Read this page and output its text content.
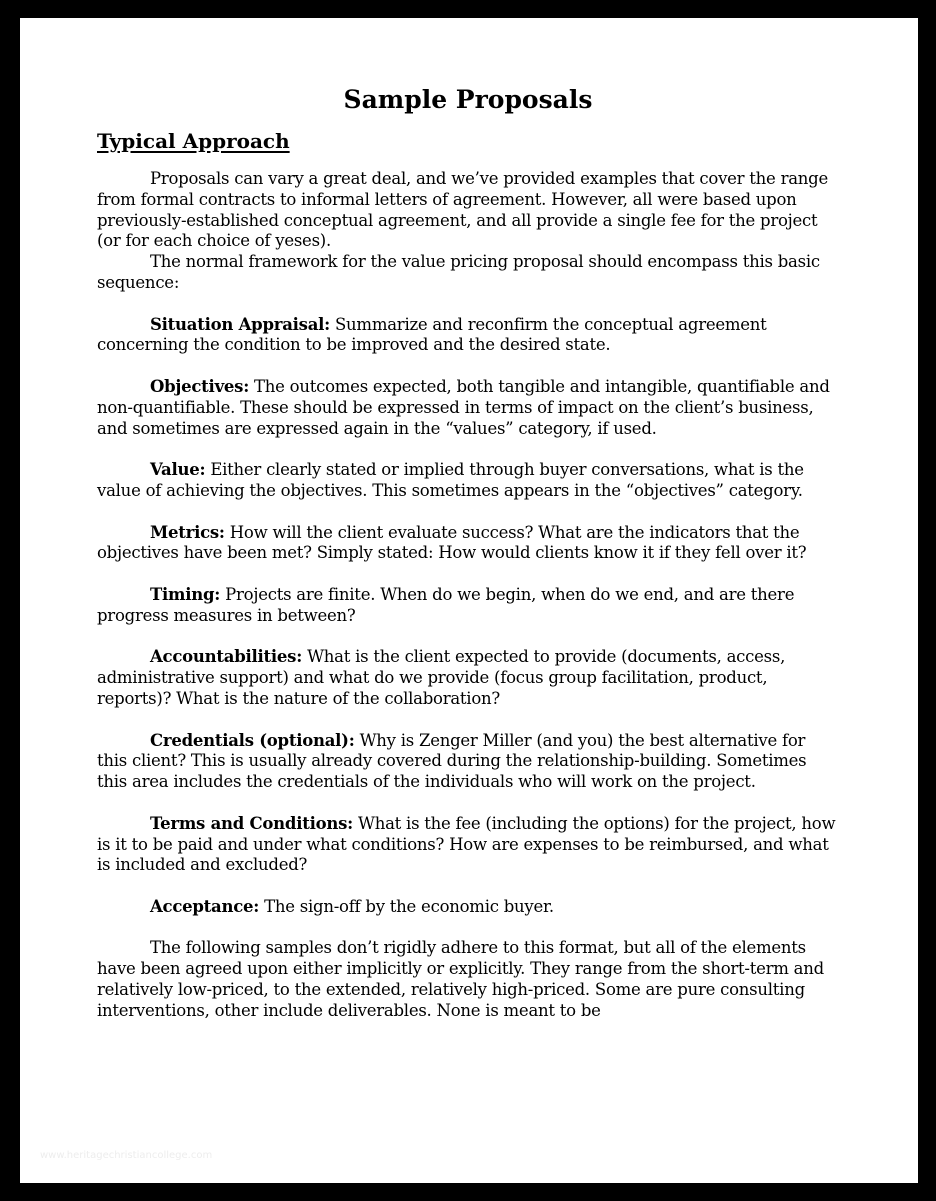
Sample Proposals
Typical Approach

Proposals can vary a great deal, and we’ve provided examples that cover the range from formal contracts to informal letters of agreement. However, all were based upon previously-established conceptual agreement, and all provide a single fee for the project (or for each choice of yeses).

The normal framework for the value pricing proposal should encompass this basic sequence:

Situation Appraisal: Summarize and reconfirm the conceptual agreement concerning the condition to be improved and the desired state.

Objectives: The outcomes expected, both tangible and intangible, quantifiable and non-quantifiable. These should be expressed in terms of impact on the client’s business, and sometimes are expressed again in the “values” category, if used.

Value: Either clearly stated or implied through buyer conversations, what is the value of achieving the objectives. This sometimes appears in the “objectives” category.

Metrics: How will the client evaluate success? What are the indicators that the objectives have been met? Simply stated: How would clients know it if they fell over it?

Timing: Projects are finite. When do we begin, when do we end, and are there progress measures in between?

Accountabilities: What is the client expected to provide (documents, access, administrative support) and what do we provide (focus group facilitation, product, reports)? What is the nature of the collaboration?

Credentials (optional): Why is Zenger Miller (and you) the best alternative for this client? This is usually already covered during the relationship-building. Sometimes this area includes the credentials of the individuals who will work on the project.

Terms and Conditions: What is the fee (including the options) for the project, how is it to be paid and under what conditions? How are expenses to be reimbursed, and what is included and excluded?

Acceptance: The sign-off by the economic buyer.

The following samples don’t rigidly adhere to this format, but all of the elements have been agreed upon either implicitly or explicitly. They range from the short-term and relatively low-priced, to the extended, relatively high-priced. Some are pure consulting interventions, other include deliverables. None is meant to be

www.heritagechristiancollege.com
